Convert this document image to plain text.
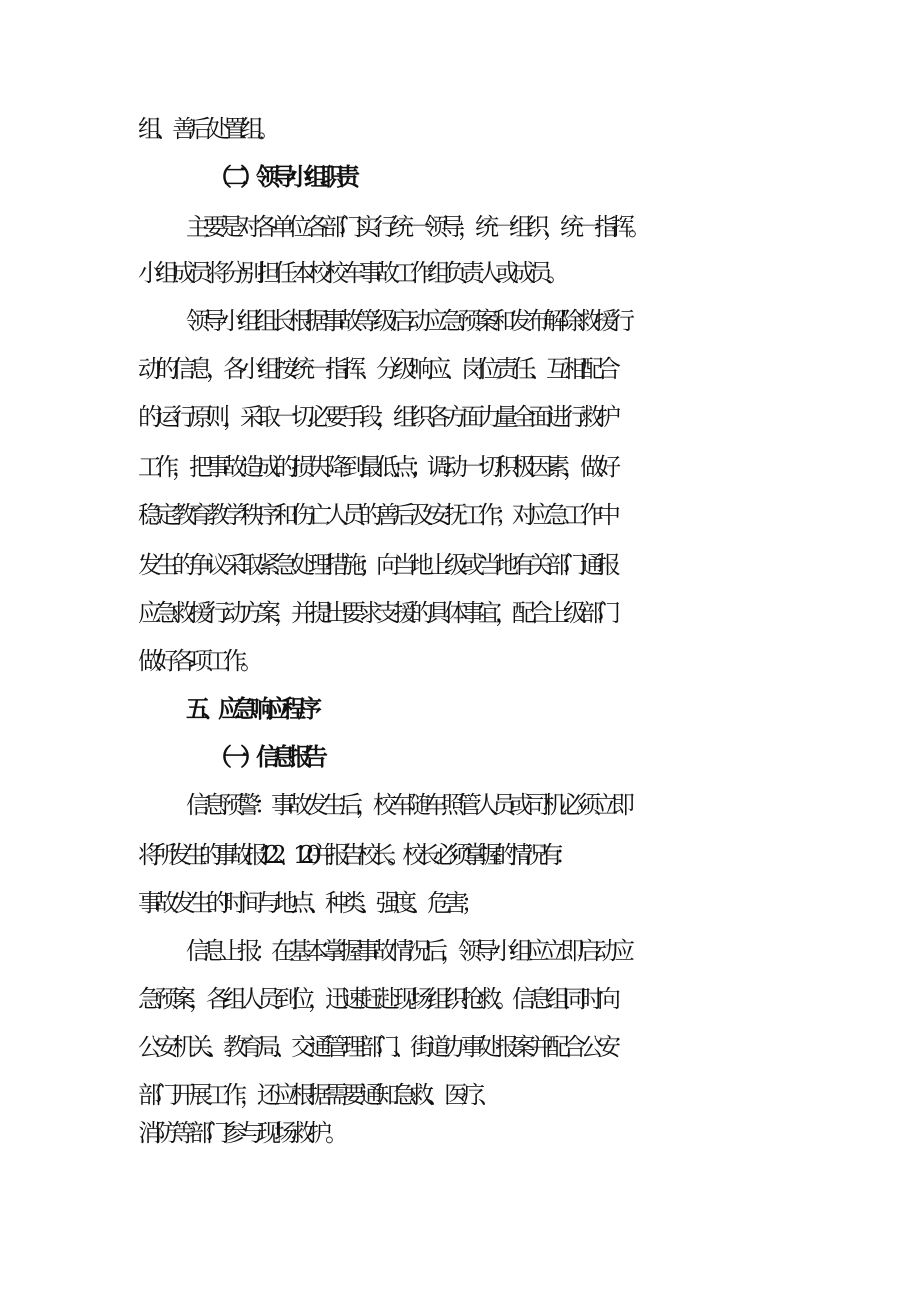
组、善后处置组。
（二）领导小组职责
主要是对各单位各部门实行统一领导，统一组织，统一指挥。
小组成员将分别担任本校校车事故工作组负责人或成员。
领导小组组长根据事故等级启动应急预案和发布解除救援行
动的信息，各小组按统一指挥、分级响应、岗位责任、互相配合
的运行原则，采取一切必要手段，组织各方面力量全面进行救护
工作，把事故造成的损失降到最低点；调动一切积极因素，做好
稳定教育教学秩序和伤亡人员的善后及安抚工作；对应急工作中
发生的争议采取紧急处理措施；向当地上级或当地有关部门通报
应急救援行动方案，并提出要求支援的具体事宜，配合上级部门
做好各项工作。
五、应急响应程序
（一）信息报告
信息预警：事故发生后，校车随车照管人员或司机必须立即
将所发生的事故报 122、120 并报告校长。校长必须掌握的情况有：
事故发生的时间与地点、种类、强度、危害；
信息上报：在基本掌握事故情况后，领导小组应立即启动应
急预案，各组人员到位，迅速赶赴现场组织抢救。信息组同时向
公安机关、教育局、交通管理部门、街道办事处报案并配合公安
部门开展工作，还应根据需要通知急救、医疗、
消防等部门参与现场救护。
